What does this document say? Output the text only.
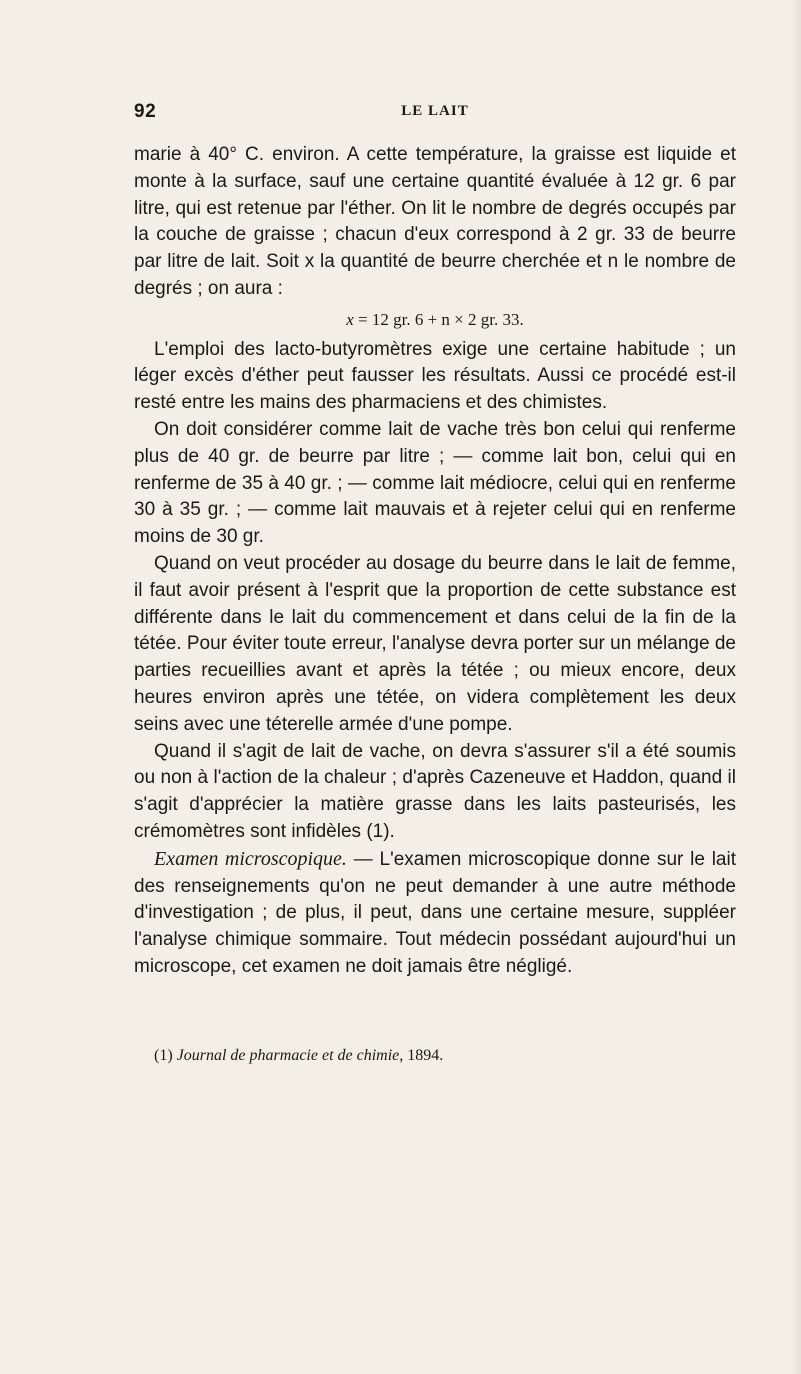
92	LE LAIT

marie à 40° C. environ. A cette température, la graisse est liquide et monte à la surface, sauf une certaine quantité évaluée à 12 gr. 6 par litre, qui est retenue par l'éther. On lit le nombre de degrés occupés par la couche de graisse ; chacun d'eux correspond à 2 gr. 33 de beurre par litre de lait. Soit x la quantité de beurre cherchée et n le nombre de degrés ; on aura :

x = 12 gr. 6 + n × 2 gr. 33.

L'emploi des lacto-butyromètres exige une certaine habitude ; un léger excès d'éther peut fausser les résultats. Aussi ce procédé est-il resté entre les mains des pharmaciens et des chimistes.

On doit considérer comme lait de vache très bon celui qui renferme plus de 40 gr. de beurre par litre ; — comme lait bon, celui qui en renferme de 35 à 40 gr. ; — comme lait médiocre, celui qui en renferme 30 à 35 gr. ; — comme lait mauvais et à rejeter celui qui en renferme moins de 30 gr.

Quand on veut procéder au dosage du beurre dans le lait de femme, il faut avoir présent à l'esprit que la proportion de cette substance est différente dans le lait du commencement et dans celui de la fin de la tétée. Pour éviter toute erreur, l'analyse devra porter sur un mélange de parties recueillies avant et après la tétée ; ou mieux encore, deux heures environ après une tétée, on videra complètement les deux seins avec une téterelle armée d'une pompe.

Quand il s'agit de lait de vache, on devra s'assurer s'il a été soumis ou non à l'action de la chaleur ; d'après Cazeneuve et Haddon, quand il s'agit d'apprécier la matière grasse dans les laits pasteurisés, les crémomètres sont infidèles (1).

Examen microscopique. — L'examen microscopique donne sur le lait des renseignements qu'on ne peut demander à une autre méthode d'investigation ; de plus, il peut, dans une certaine mesure, suppléer l'analyse chimique sommaire. Tout médecin possédant aujourd'hui un microscope, cet examen ne doit jamais être négligé.

(1) Journal de pharmacie et de chimie, 1894.
